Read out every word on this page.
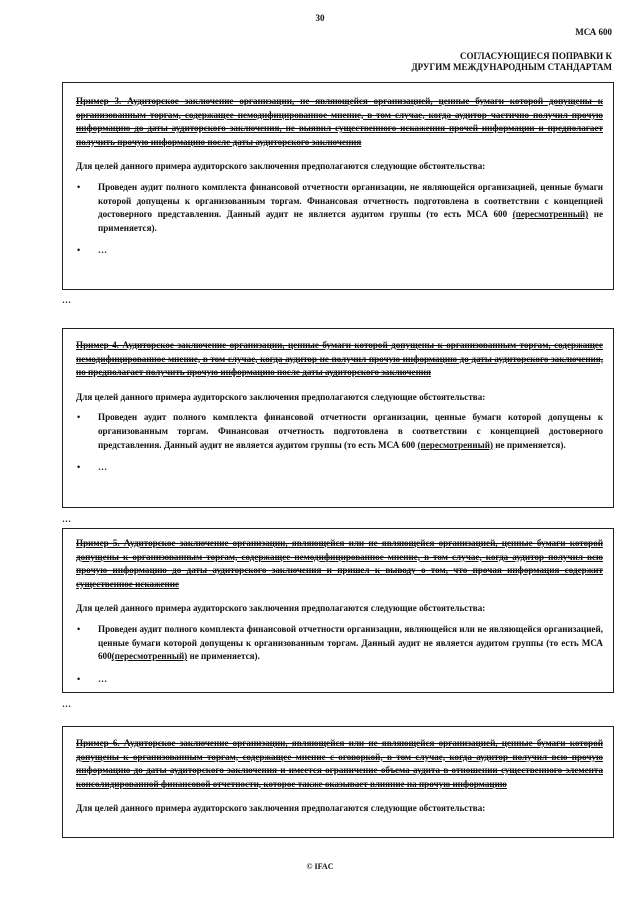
30
МСА 600
СОГЛАСУЮЩИЕСЯ ПОПРАВКИ К
ДРУГИМ МЕЖДУНАРОДНЫМ СТАНДАРТАМ
Пример 3. Аудиторское заключение организации, не являющейся организацией, ценные бумаги которой допущены к организованным торгам, содержащее немодифицированное мнение, в том случае, когда аудитор частично получил прочую информацию до даты аудиторского заключения, не выявил существенного искажения прочей информации и предполагает получить прочую информацию после даты аудиторского заключения
Для целей данного примера аудиторского заключения предполагаются следующие обстоятельства:
•	Проведен аудит полного комплекта финансовой отчетности организации, не являющейся организацией, ценные бумаги которой допущены к организованным торгам. Финансовая отчетность подготовлена в соответствии с концепцией достоверного представления. Данный аудит не является аудитом группы (то есть МСА 600 (пересмотренный) не применяется).
•	…
…
Пример 4. Аудиторское заключение организации, ценные бумаги которой допущены к организованным торгам, содержащее немодифицированное мнение, в том случае, когда аудитор не получил прочую информацию до даты аудиторского заключения, но предполагает получить прочую информацию после даты аудиторского заключения
Для целей данного примера аудиторского заключения предполагаются следующие обстоятельства:
•	Проведен аудит полного комплекта финансовой отчетности организации, ценные бумаги которой допущены к организованным торгам. Финансовая отчетность подготовлена в соответствии с концепцией достоверного представления. Данный аудит не является аудитом группы (то есть МСА 600 (пересмотренный) не применяется).
•	…
…
Пример 5. Аудиторское заключение организации, являющейся или не являющейся организацией, ценные бумаги которой допущены к организованным торгам, содержащее немодифицированное мнение, в том случае, когда аудитор получил всю прочую информацию до даты аудиторского заключения и пришел к выводу о том, что прочая информация содержит существенное искажение
Для целей данного примера аудиторского заключения предполагаются следующие обстоятельства:
•	Проведен аудит полного комплекта финансовой отчетности организации, являющейся или не являющейся организацией, ценные бумаги которой допущены к организованным торгам. Данный аудит не является аудитом группы (то есть МСА 600(пересмотренный) не применяется).
•	…
…
Пример 6. Аудиторское заключение организации, являющейся или не являющейся организацией, ценные бумаги которой допущены к организованным торгам, содержащее мнение с оговоркой, в том случае, когда аудитор получил всю прочую информацию до даты аудиторского заключения и имеется ограничение объема аудита в отношении существенного элемента консолидированной финансовой отчетности, которое также оказывает влияние на прочую информацию
Для целей данного примера аудиторского заключения предполагаются следующие обстоятельства:
© IFAC
